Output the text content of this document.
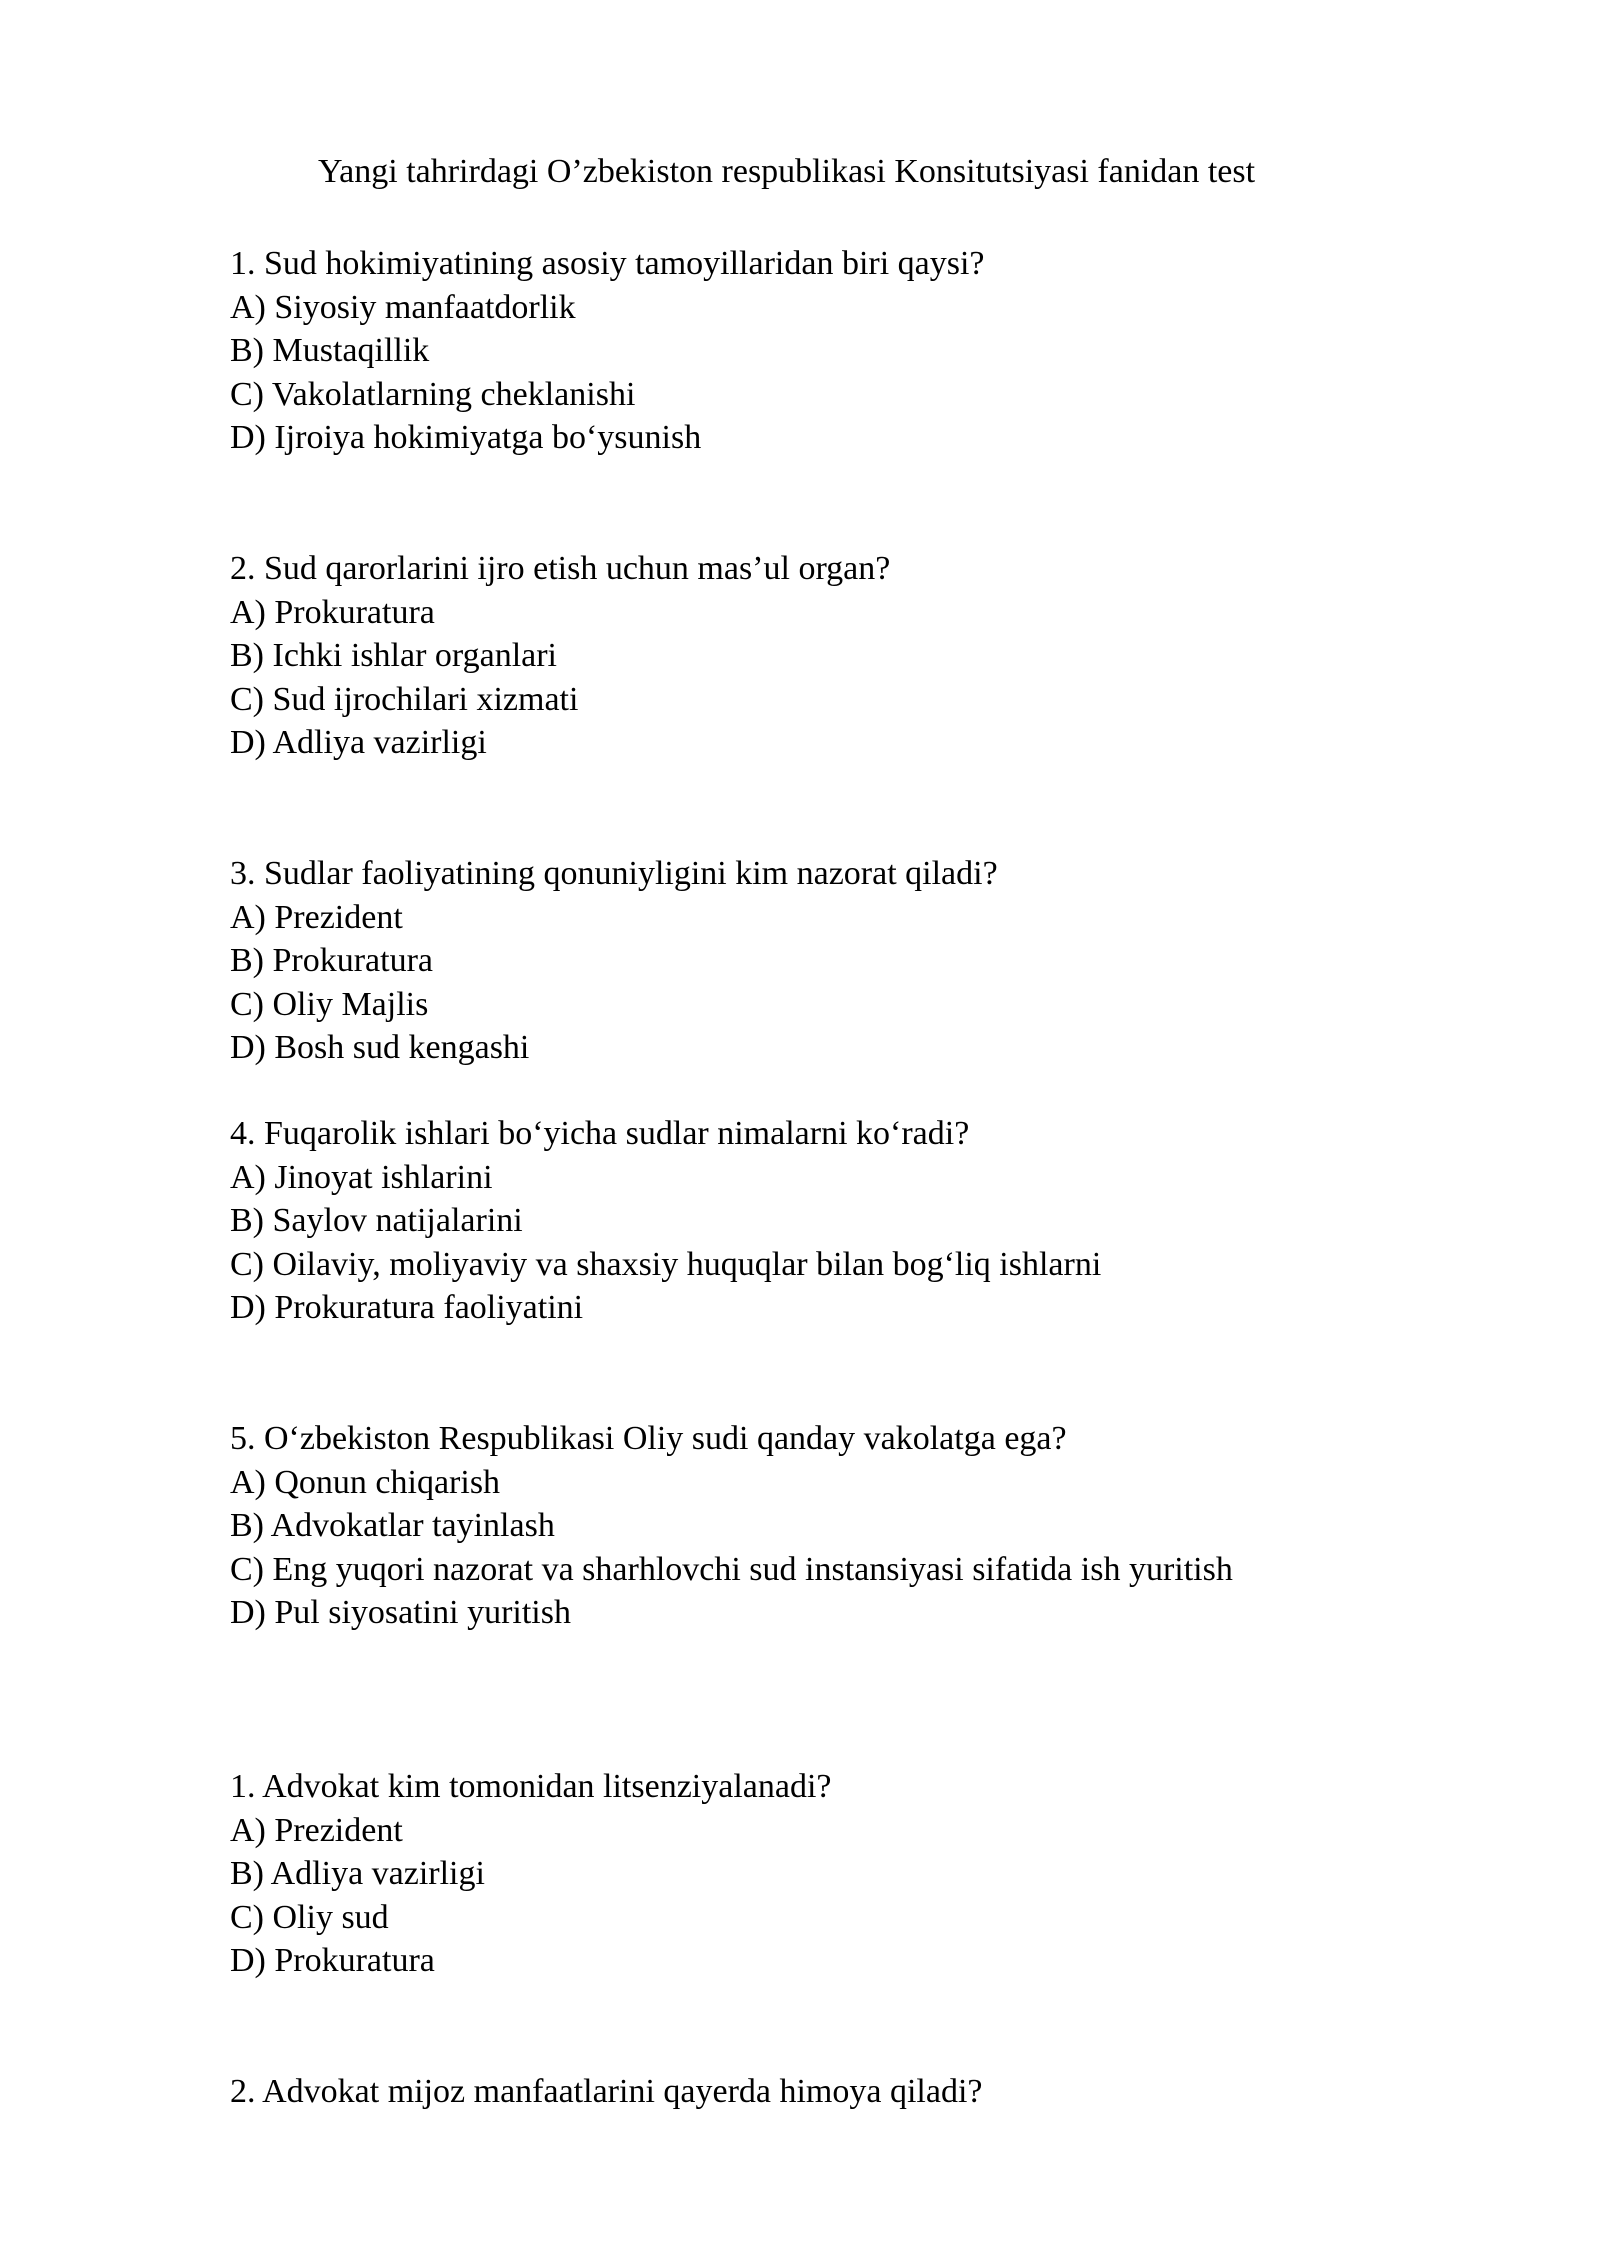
Yangi tahrirdagi O’zbekiston respublikasi Konsitutsiyasi fanidan test
1. Sud hokimiyatining asosiy tamoyillaridan biri qaysi?
A) Siyosiy manfaatdorlik
B) Mustaqillik
C) Vakolatlarning cheklanishi
D) Ijroiya hokimiyatga bo‘ysunish
2. Sud qarorlarini ijro etish uchun mas’ul organ?
A) Prokuratura
B) Ichki ishlar organlari
C) Sud ijrochilari xizmati
D) Adliya vazirligi
3. Sudlar faoliyatining qonuniyligini kim nazorat qiladi?
A) Prezident
B) Prokuratura
C) Oliy Majlis
D) Bosh sud kengashi
4. Fuqarolik ishlari bo‘yicha sudlar nimalarni ko‘radi?
A) Jinoyat ishlarini
B) Saylov natijalarini
C) Oilaviy, moliyaviy va shaxsiy huquqlar bilan bog‘liq ishlarni
D) Prokuratura faoliyatini
5. O‘zbekiston Respublikasi Oliy sudi qanday vakolatga ega?
A) Qonun chiqarish
B) Advokatlar tayinlash
C) Eng yuqori nazorat va sharhlovchi sud instansiyasi sifatida ish yuritish
D) Pul siyosatini yuritish
1. Advokat kim tomonidan litsenziyalanadi?
A) Prezident
B) Adliya vazirligi
C) Oliy sud
D) Prokuratura
2. Advokat mijoz manfaatlarini qayerda himoya qiladi?
